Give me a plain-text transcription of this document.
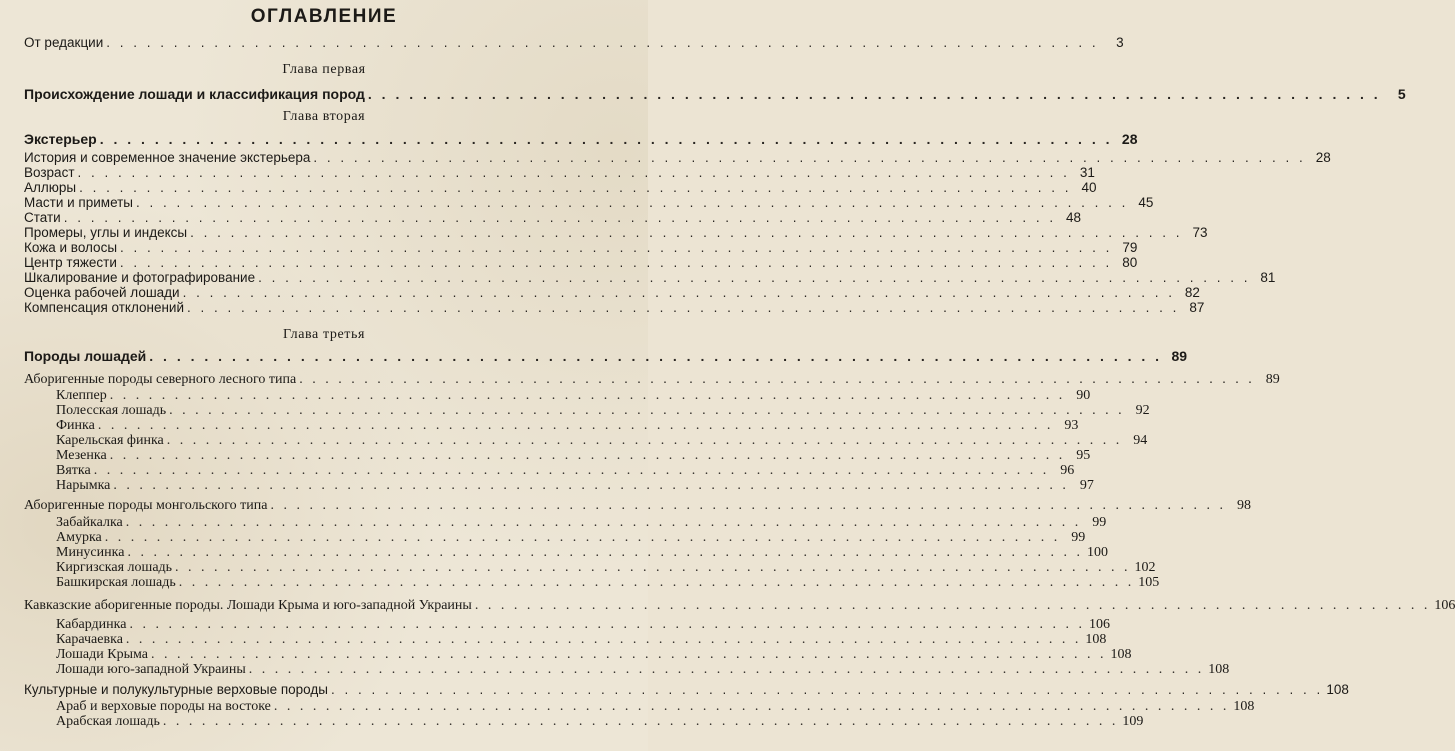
ОГЛАВЛЕНИЕ
Глава первая
Глава вторая
Глава третья
От редакции . . . . . . . . . . . . . . . . . . . . . . . . . . . . . . . . . . . . . . . . . . . . . . . . . . . . . . . . . . . . . . . . . . . . . . . . . .	3
Происхождение лошади и классификация пород . . . . . . . . . . . . . . . . . . . . . . . . . . . . . . . . . . . . . . . . . . . . . . . . . . . . . . . . . . . . . . . . . . . . . . . . . .	5
Экстерьер . . . . . . . . . . . . . . . . . . . . . . . . . . . . . . . . . . . . . . . . . . . . . . . . . . . . . . . . . . . . . . . . . . . . . . . . . . 28
История и современное значение экстерьера . . . . . . . . . . . . . . . . . . . . . . . . . . . . . . . . . . . . . . . . . . . . . . . . . . . . . . . . . . . . . . . . . . . . . . . . . . 28
Возраст . . . . . . . . . . . . . . . . . . . . . . . . . . . . . . . . . . . . . . . . . . . . . . . . . . . . . . . . . . . . . . . . . . . . . . . . . . 31
Аллюры . . . . . . . . . . . . . . . . . . . . . . . . . . . . . . . . . . . . . . . . . . . . . . . . . . . . . . . . . . . . . . . . . . . . . . . . . . 40
Масти и приметы . . . . . . . . . . . . . . . . . . . . . . . . . . . . . . . . . . . . . . . . . . . . . . . . . . . . . . . . . . . . . . . . . . . . . . . . . . 45
Стати . . . . . . . . . . . . . . . . . . . . . . . . . . . . . . . . . . . . . . . . . . . . . . . . . . . . . . . . . . . . . . . . . . . . . . . . . . 48
Промеры, углы и индексы . . . . . . . . . . . . . . . . . . . . . . . . . . . . . . . . . . . . . . . . . . . . . . . . . . . . . . . . . . . . . . . . . . . . . . . . . . 73
Кожа и волосы . . . . . . . . . . . . . . . . . . . . . . . . . . . . . . . . . . . . . . . . . . . . . . . . . . . . . . . . . . . . . . . . . . . . . . . . . . 79
Центр тяжести . . . . . . . . . . . . . . . . . . . . . . . . . . . . . . . . . . . . . . . . . . . . . . . . . . . . . . . . . . . . . . . . . . . . . . . . . . 80
Шкалирование и фотографирование . . . . . . . . . . . . . . . . . . . . . . . . . . . . . . . . . . . . . . . . . . . . . . . . . . . . . . . . . . . . . . . . . . . . . . . . . . 81
Оценка рабочей лошади . . . . . . . . . . . . . . . . . . . . . . . . . . . . . . . . . . . . . . . . . . . . . . . . . . . . . . . . . . . . . . . . . . . . . . . . . . 82
Компенсация отклонений . . . . . . . . . . . . . . . . . . . . . . . . . . . . . . . . . . . . . . . . . . . . . . . . . . . . . . . . . . . . . . . . . . . . . . . . . . 87
Породы лошадей . . . . . . . . . . . . . . . . . . . . . . . . . . . . . . . . . . . . . . . . . . . . . . . . . . . . . . . . . . . . . . . . . . . . . . . . . . 89
Аборигенные породы северного лесного типа . . . . . . . . . . . . . . . . . . . . . . . . . . . . . . . . . . . . . . . . . . . . . . . . . . . . . . . . . . . . . . . . . . . . . . . . . . 89
Клеппер . . . . . . . . . . . . . . . . . . . . . . . . . . . . . . . . . . . . . . . . . . . . . . . . . . . . . . . . . . . . . . . . . . . . . . . . . . 90
Полесская лошадь . . . . . . . . . . . . . . . . . . . . . . . . . . . . . . . . . . . . . . . . . . . . . . . . . . . . . . . . . . . . . . . . . . . . . . . . . . 92
Финка . . . . . . . . . . . . . . . . . . . . . . . . . . . . . . . . . . . . . . . . . . . . . . . . . . . . . . . . . . . . . . . . . . . . . . . . . . 93
Карельская финка . . . . . . . . . . . . . . . . . . . . . . . . . . . . . . . . . . . . . . . . . . . . . . . . . . . . . . . . . . . . . . . . . . . . . . . . . . 94
Мезенка . . . . . . . . . . . . . . . . . . . . . . . . . . . . . . . . . . . . . . . . . . . . . . . . . . . . . . . . . . . . . . . . . . . . . . . . . . 95
Вятка . . . . . . . . . . . . . . . . . . . . . . . . . . . . . . . . . . . . . . . . . . . . . . . . . . . . . . . . . . . . . . . . . . . . . . . . . . 96
Нарымка . . . . . . . . . . . . . . . . . . . . . . . . . . . . . . . . . . . . . . . . . . . . . . . . . . . . . . . . . . . . . . . . . . . . . . . . . . 97
Аборигенные породы монгольского типа . . . . . . . . . . . . . . . . . . . . . . . . . . . . . . . . . . . . . . . . . . . . . . . . . . . . . . . . . . . . . . . . . . . . . . . . . . 98
Забайкалка . . . . . . . . . . . . . . . . . . . . . . . . . . . . . . . . . . . . . . . . . . . . . . . . . . . . . . . . . . . . . . . . . . . . . . . . . . 99
Амурка . . . . . . . . . . . . . . . . . . . . . . . . . . . . . . . . . . . . . . . . . . . . . . . . . . . . . . . . . . . . . . . . . . . . . . . . . . 99
Минусинка . . . . . . . . . . . . . . . . . . . . . . . . . . . . . . . . . . . . . . . . . . . . . . . . . . . . . . . . . . . . . . . . . . . . . . . . . . 100
Киргизская лошадь . . . . . . . . . . . . . . . . . . . . . . . . . . . . . . . . . . . . . . . . . . . . . . . . . . . . . . . . . . . . . . . . . . . . . . . . . . 102
Башкирская лошадь . . . . . . . . . . . . . . . . . . . . . . . . . . . . . . . . . . . . . . . . . . . . . . . . . . . . . . . . . . . . . . . . . . . . . . . . . . 105
Кавказские аборигенные породы. Лошади Крыма и юго-западной Украины . . . . . . . . . . . . . . . . . . . . . . . . . . . . . . . . . . . . . . . . . . . . . . . . . . . . . . . . . . . . . . . . . . . . . . . . . . 106
Кабардинка . . . . . . . . . . . . . . . . . . . . . . . . . . . . . . . . . . . . . . . . . . . . . . . . . . . . . . . . . . . . . . . . . . . . . . . . . . 106
Карачаевка . . . . . . . . . . . . . . . . . . . . . . . . . . . . . . . . . . . . . . . . . . . . . . . . . . . . . . . . . . . . . . . . . . . . . . . . . . 108
Лошади Крыма . . . . . . . . . . . . . . . . . . . . . . . . . . . . . . . . . . . . . . . . . . . . . . . . . . . . . . . . . . . . . . . . . . . . . . . . . . 108
Лошади юго-западной Украины . . . . . . . . . . . . . . . . . . . . . . . . . . . . . . . . . . . . . . . . . . . . . . . . . . . . . . . . . . . . . . . . . . . . . . . . . . 108
Культурные и полукультурные верховые породы . . . . . . . . . . . . . . . . . . . . . . . . . . . . . . . . . . . . . . . . . . . . . . . . . . . . . . . . . . . . . . . . . . . . . . . . . . 108
Араб и верховые породы на востоке . . . . . . . . . . . . . . . . . . . . . . . . . . . . . . . . . . . . . . . . . . . . . . . . . . . . . . . . . . . . . . . . . . . . . . . . . . 108
Арабская лошадь . . . . . . . . . . . . . . . . . . . . . . . . . . . . . . . . . . . . . . . . . . . . . . . . . . . . . . . . . . . . . . . . . . . . . . . . . . 109
